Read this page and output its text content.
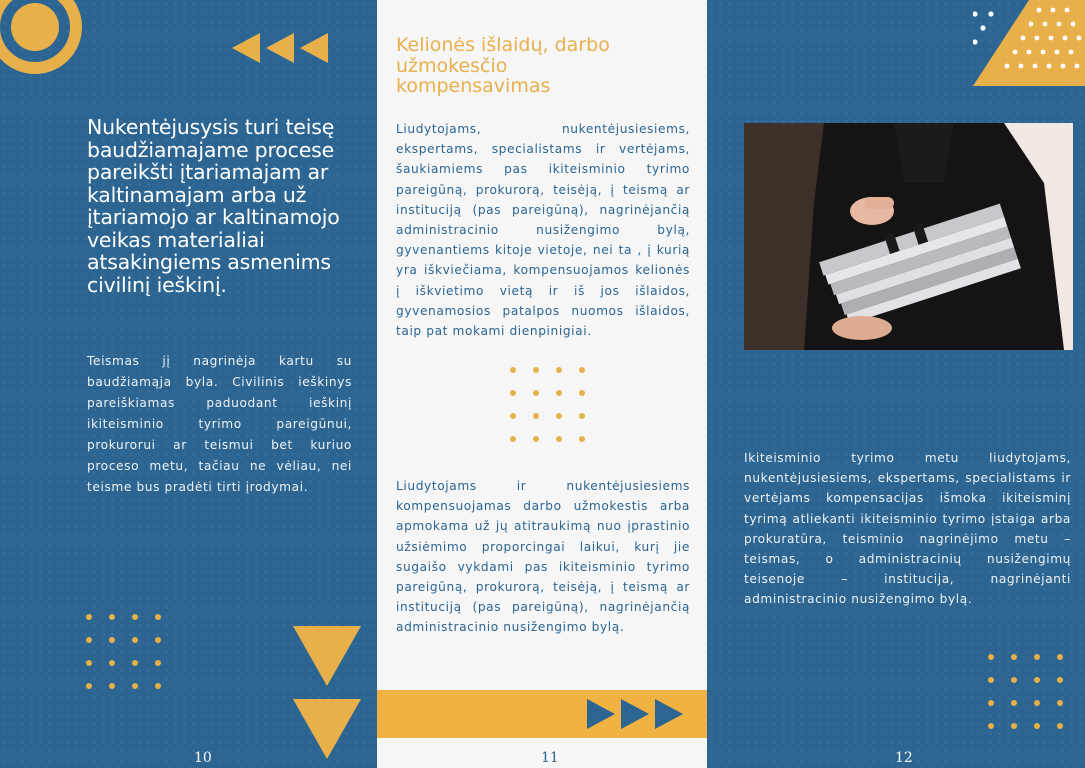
Nukentėjusysis turi teisę baudžiamajame procese pareikšti įtariamajam ar kaltinamajam arba už įtariamojo ar kaltinamojo veikas materialiai atsakingiems asmenims civilinį ieškinį.
Teismas jį nagrinėja kartu su baudžiamąja byla. Civilinis ieškinys pareiškiamas paduodant ieškinį ikiteisminio tyrimo pareigūnui, prokurorui ar teismui bet kuriuo proceso metu, tačiau ne vėliau, nei teisme bus pradėti tirti įrodymai.
10
Kelionės išlaidų, darbo užmokesčio kompensavimas
Liudytojams, nukentėjusiesiems, ekspertams, specialistams ir vertėjams, šaukiamiems pas ikiteisminio tyrimo pareigūną, prokurorą, teisėją, į teismą ar instituciją (pas pareigūną), nagrinėjančią administracinio nusižengimo bylą, gyvenantiems kitoje vietoje, nei ta , į kurią yra iškviečiama, kompensuojamos kelionės į iškvietimo vietą ir iš jos išlaidos, gyvenamosios patalpos nuomos išlaidos, taip pat mokami dienpinigiai.
Liudytojams ir nukentėjusiesiems kompensuojamas darbo užmokestis arba apmokama už jų atitraukimą nuo įprastinio užsiėmimo proporcingai laikui, kurį jie sugaišo vykdami pas ikiteisminio tyrimo pareigūną, prokurorą, teisėją, į teismą ar instituciją (pas pareigūną), nagrinėjančią administracinio nusižengimo bylą.
11
Ikiteisminio tyrimo metu liudytojams, nukentėjusiesiems, ekspertams, specialistams ir vertėjams kompensacijas išmoka ikiteisminį tyrimą atliekanti ikiteisminio tyrimo įstaiga arba prokuratūra, teisminio nagrinėjimo metu – teismas, o administracinių nusižengimų teisenoje – institucija, nagrinėjanti administracinio nusižengimo bylą.
12
